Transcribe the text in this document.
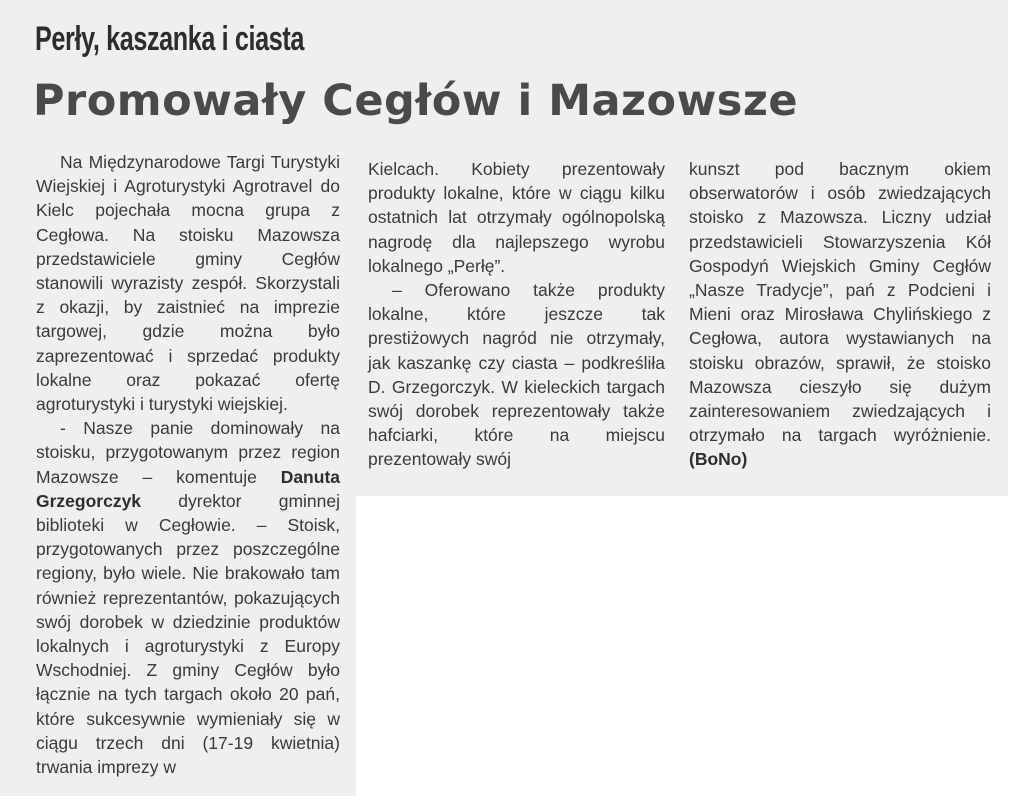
Perły, kaszanka i ciasta
Promowały Cegłów i Mazowsze

Na Międzynarodowe Targi Turystyki Wiejskiej i Agroturystyki Agrotravel do Kielc pojechała mocna grupa z Cegłowa. Na stoisku Mazowsza przedstawiciele gminy Cegłów stanowili wyrazisty zespół. Skorzystali z okazji, by zaistnieć na imprezie targowej, gdzie można było zaprezentować i sprzedać produkty lokalne oraz pokazać ofertę agroturystyki i turystyki wiejskiej.

- Nasze panie dominowały na stoisku, przygotowanym przez region Mazowsze – komentuje Danuta Grzegorczyk dyrektor gminnej biblioteki w Cegłowie. – Stoisk, przygotowanych przez poszczególne regiony, było wiele. Nie brakowało tam również reprezentantów, pokazujących swój dorobek w dziedzinie produktów lokalnych i agroturystyki z Europy Wschodniej. Z gminy Cegłów było łącznie na tych targach około 20 pań, które sukcesywnie wymieniały się w ciągu trzech dni (17-19 kwietnia) trwania imprezy w

Kielcach. Kobiety prezentowały produkty lokalne, które w ciągu kilku ostatnich lat otrzymały ogólnopolską nagrodę dla najlepszego wyrobu lokalnego „Perłę”.

– Oferowano także produkty lokalne, które jeszcze tak prestiżowych nagród nie otrzymały, jak kaszankę czy ciasta – podkreśliła D. Grzegorczyk. W kieleckich targach swój dorobek reprezentowały także hafciarki, które na miejscu prezentowały swój

kunszt pod bacznym okiem obserwatorów i osób zwiedzających stoisko z Mazowsza. Liczny udział przedstawicieli Stowarzyszenia Kół Gospodyń Wiejskich Gminy Cegłów „Nasze Tradycje”, pań z Podcieni i Mieni oraz Mirosława Chylińskiego z Cegłowa, autora wystawianych na stoisku obrazów, sprawił, że stoisko Mazowsza cieszyło się dużym zainteresowaniem zwiedzających i otrzymało na targach wyróżnienie. (BoNo)
